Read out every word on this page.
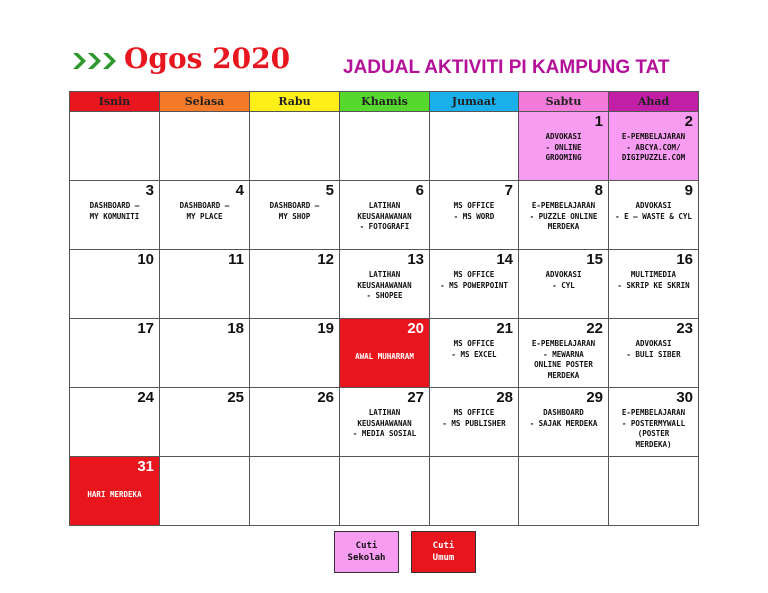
Ogos 2020	JADUAL AKTIVITI PI KAMPUNG TAT
Isnin	Selasa	Rabu	Khamis	Jumaat	Sabtu	Ahad

					1
ADVOKASI
- ONLINE
GROOMING	2
E-PEMBELAJARAN
- ABCYA.COM/
DIGIPUZZLE.COM

3
DASHBOARD –
MY KOMUNITI	4
DASHBOARD –
MY PLACE	5
DASHBOARD –
MY SHOP	6
LATIHAN
KEUSAHAWANAN
- FOTOGRAFI	7
MS OFFICE
- MS WORD	8
E-PEMBELAJARAN
- PUZZLE ONLINE
MERDEKA	9
ADVOKASI
- E – WASTE & CYL

10	11	12	13
LATIHAN
KEUSAHAWANAN
- SHOPEE	14
MS OFFICE
- MS POWERPOINT	15
ADVOKASI
- CYL	16
MULTIMEDIA
- SKRIP KE SKRIN

17	18	19	20
AWAL MUHARRAM	21
MS OFFICE
- MS EXCEL	22
E-PEMBELAJARAN
- MEWARNA
ONLINE POSTER
MERDEKA	23
ADVOKASI
- BULI SIBER

24	25	26	27
LATIHAN
KEUSAHAWANAN
- MEDIA SOSIAL	28
MS OFFICE
- MS PUBLISHER	29
DASHBOARD
- SAJAK MERDEKA	30
E-PEMBELAJARAN
- POSTERMYWALL
(POSTER
MERDEKA)

31
HARI MERDEKA						

Cuti
Sekolah
Cuti
Umum
